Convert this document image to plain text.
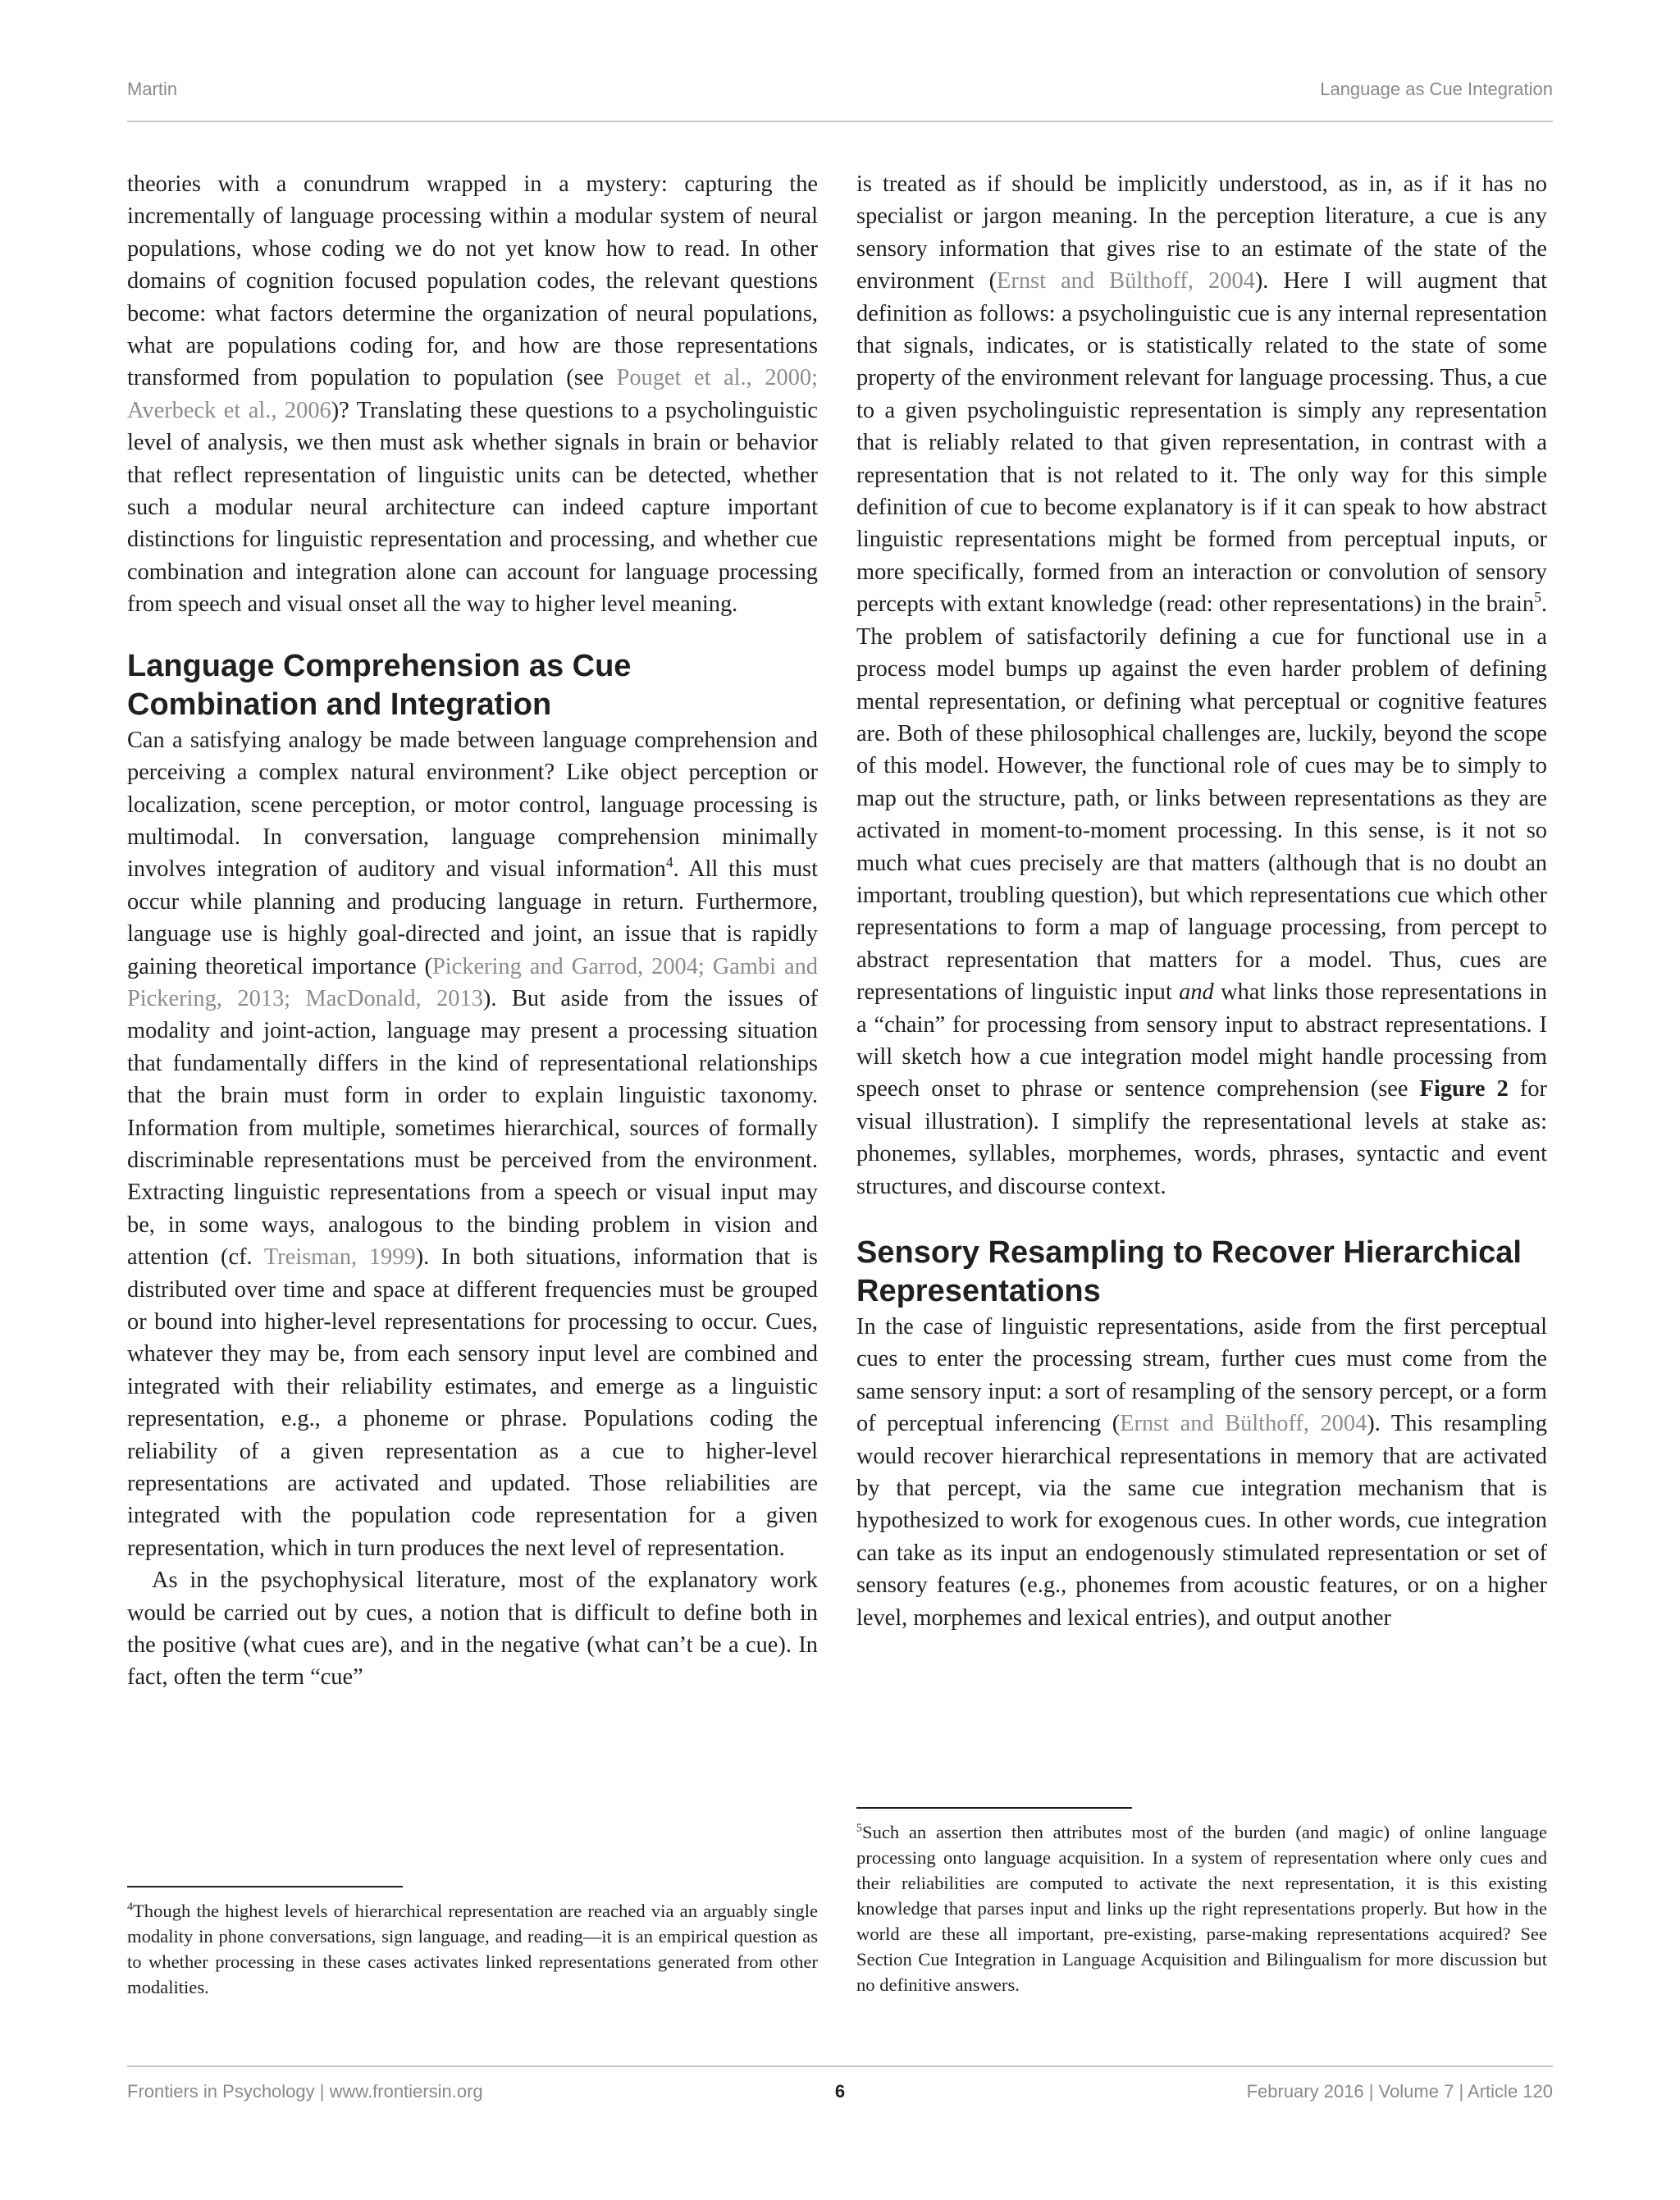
Martin	Language as Cue Integration

theories with a conundrum wrapped in a mystery: capturing the incrementally of language processing within a modular system of neural populations, whose coding we do not yet know how to read. In other domains of cognition focused population codes, the relevant questions become: what factors determine the organization of neural populations, what are populations coding for, and how are those representations transformed from population to population (see Pouget et al., 2000; Averbeck et al., 2006)? Translating these questions to a psycholinguistic level of analysis, we then must ask whether signals in brain or behavior that reflect representation of linguistic units can be detected, whether such a modular neural architecture can indeed capture important distinctions for linguistic representation and processing, and whether cue combination and integration alone can account for language processing from speech and visual onset all the way to higher level meaning.

Language Comprehension as Cue Combination and Integration

Can a satisfying analogy be made between language comprehension and perceiving a complex natural environment? Like object perception or localization, scene perception, or motor control, language processing is multimodal. In conversation, language comprehension minimally involves integration of auditory and visual information$^4$. All this must occur while planning and producing language in return. Furthermore, language use is highly goal-directed and joint, an issue that is rapidly gaining theoretical importance (Pickering and Garrod, 2004; Gambi and Pickering, 2013; MacDonald, 2013). But aside from the issues of modality and joint-action, language may present a processing situation that fundamentally differs in the kind of representational relationships that the brain must form in order to explain linguistic taxonomy. Information from multiple, sometimes hierarchical, sources of formally discriminable representations must be perceived from the environment. Extracting linguistic representations from a speech or visual input may be, in some ways, analogous to the binding problem in vision and attention (cf. Treisman, 1999). In both situations, information that is distributed over time and space at different frequencies must be grouped or bound into higher-level representations for processing to occur. Cues, whatever they may be, from each sensory input level are combined and integrated with their reliability estimates, and emerge as a linguistic representation, e.g., a phoneme or phrase. Populations coding the reliability of a given representation as a cue to higher-level representations are activated and updated. Those reliabilities are integrated with the population code representation for a given representation, which in turn produces the next level of representation.

As in the psychophysical literature, most of the explanatory work would be carried out by cues, a notion that is difficult to define both in the positive (what cues are), and in the negative (what can’t be a cue). In fact, often the term “cue”

$^4$Though the highest levels of hierarchical representation are reached via an arguably single modality in phone conversations, sign language, and reading—it is an empirical question as to whether processing in these cases activates linked representations generated from other modalities.

is treated as if should be implicitly understood, as in, as if it has no specialist or jargon meaning. In the perception literature, a cue is any sensory information that gives rise to an estimate of the state of the environment (Ernst and Bülthoff, 2004). Here I will augment that definition as follows: a psycholinguistic cue is any internal representation that signals, indicates, or is statistically related to the state of some property of the environment relevant for language processing. Thus, a cue to a given psycholinguistic representation is simply any representation that is reliably related to that given representation, in contrast with a representation that is not related to it. The only way for this simple definition of cue to become explanatory is if it can speak to how abstract linguistic representations might be formed from perceptual inputs, or more specifically, formed from an interaction or convolution of sensory percepts with extant knowledge (read: other representations) in the brain$^5$. The problem of satisfactorily defining a cue for functional use in a process model bumps up against the even harder problem of defining mental representation, or defining what perceptual or cognitive features are. Both of these philosophical challenges are, luckily, beyond the scope of this model. However, the functional role of cues may be to simply to map out the structure, path, or links between representations as they are activated in moment-to-moment processing. In this sense, is it not so much what cues precisely are that matters (although that is no doubt an important, troubling question), but which representations cue which other representations to form a map of language processing, from percept to abstract representation that matters for a model. Thus, cues are representations of linguistic input and what links those representations in a “chain” for processing from sensory input to abstract representations. I will sketch how a cue integration model might handle processing from speech onset to phrase or sentence comprehension (see Figure 2 for visual illustration). I simplify the representational levels at stake as: phonemes, syllables, morphemes, words, phrases, syntactic and event structures, and discourse context.

Sensory Resampling to Recover Hierarchical Representations

In the case of linguistic representations, aside from the first perceptual cues to enter the processing stream, further cues must come from the same sensory input: a sort of resampling of the sensory percept, or a form of perceptual inferencing (Ernst and Bülthoff, 2004). This resampling would recover hierarchical representations in memory that are activated by that percept, via the same cue integration mechanism that is hypothesized to work for exogenous cues. In other words, cue integration can take as its input an endogenously stimulated representation or set of sensory features (e.g., phonemes from acoustic features, or on a higher level, morphemes and lexical entries), and output another

$^5$Such an assertion then attributes most of the burden (and magic) of online language processing onto language acquisition. In a system of representation where only cues and their reliabilities are computed to activate the next representation, it is this existing knowledge that parses input and links up the right representations properly. But how in the world are these all important, pre-existing, parse-making representations acquired? See Section Cue Integration in Language Acquisition and Bilingualism for more discussion but no definitive answers.

Frontiers in Psychology | www.frontiersin.org	6	February 2016 | Volume 7 | Article 120
